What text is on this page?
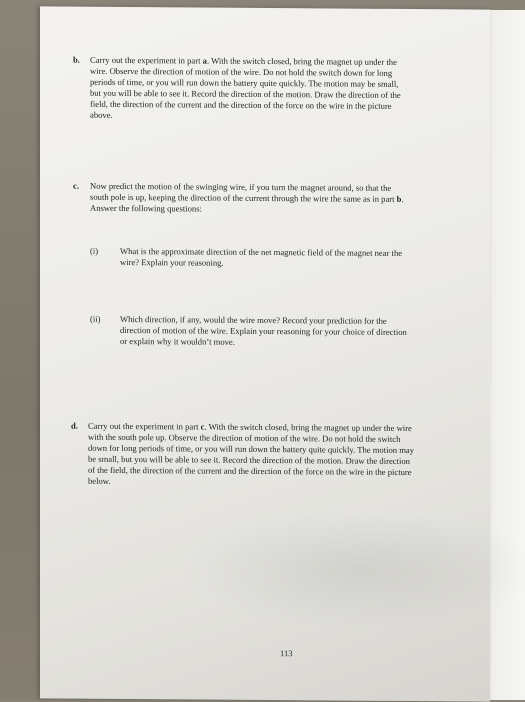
b. Carry out the experiment in part a. With the switch closed, bring the magnet up under the wire. Observe the direction of motion of the wire. Do not hold the switch down for long periods of time, or you will run down the battery quite quickly. The motion may be small, but you will be able to see it. Record the direction of the motion. Draw the direction of the field, the direction of the current and the direction of the force on the wire in the picture above.
c. Now predict the motion of the swinging wire, if you turn the magnet around, so that the south pole is up, keeping the direction of the current through the wire the same as in part b. Answer the following questions:
(i)	What is the approximate direction of the net magnetic field of the magnet near the wire? Explain your reasoning.
(ii) Which direction, if any, would the wire move? Record your prediction for the direction of motion of the wire. Explain your reasoning for your choice of direction or explain why it wouldn’t move.
d. Carry out the experiment in part c. With the switch closed, bring the magnet up under the wire with the south pole up. Observe the direction of motion of the wire. Do not hold the switch down for long periods of time, or you will run down the battery quite quickly. The motion may be small, but you will be able to see it. Record the direction of the motion. Draw the direction of the field, the direction of the current and the direction of the force on the wire in the picture below.
113
